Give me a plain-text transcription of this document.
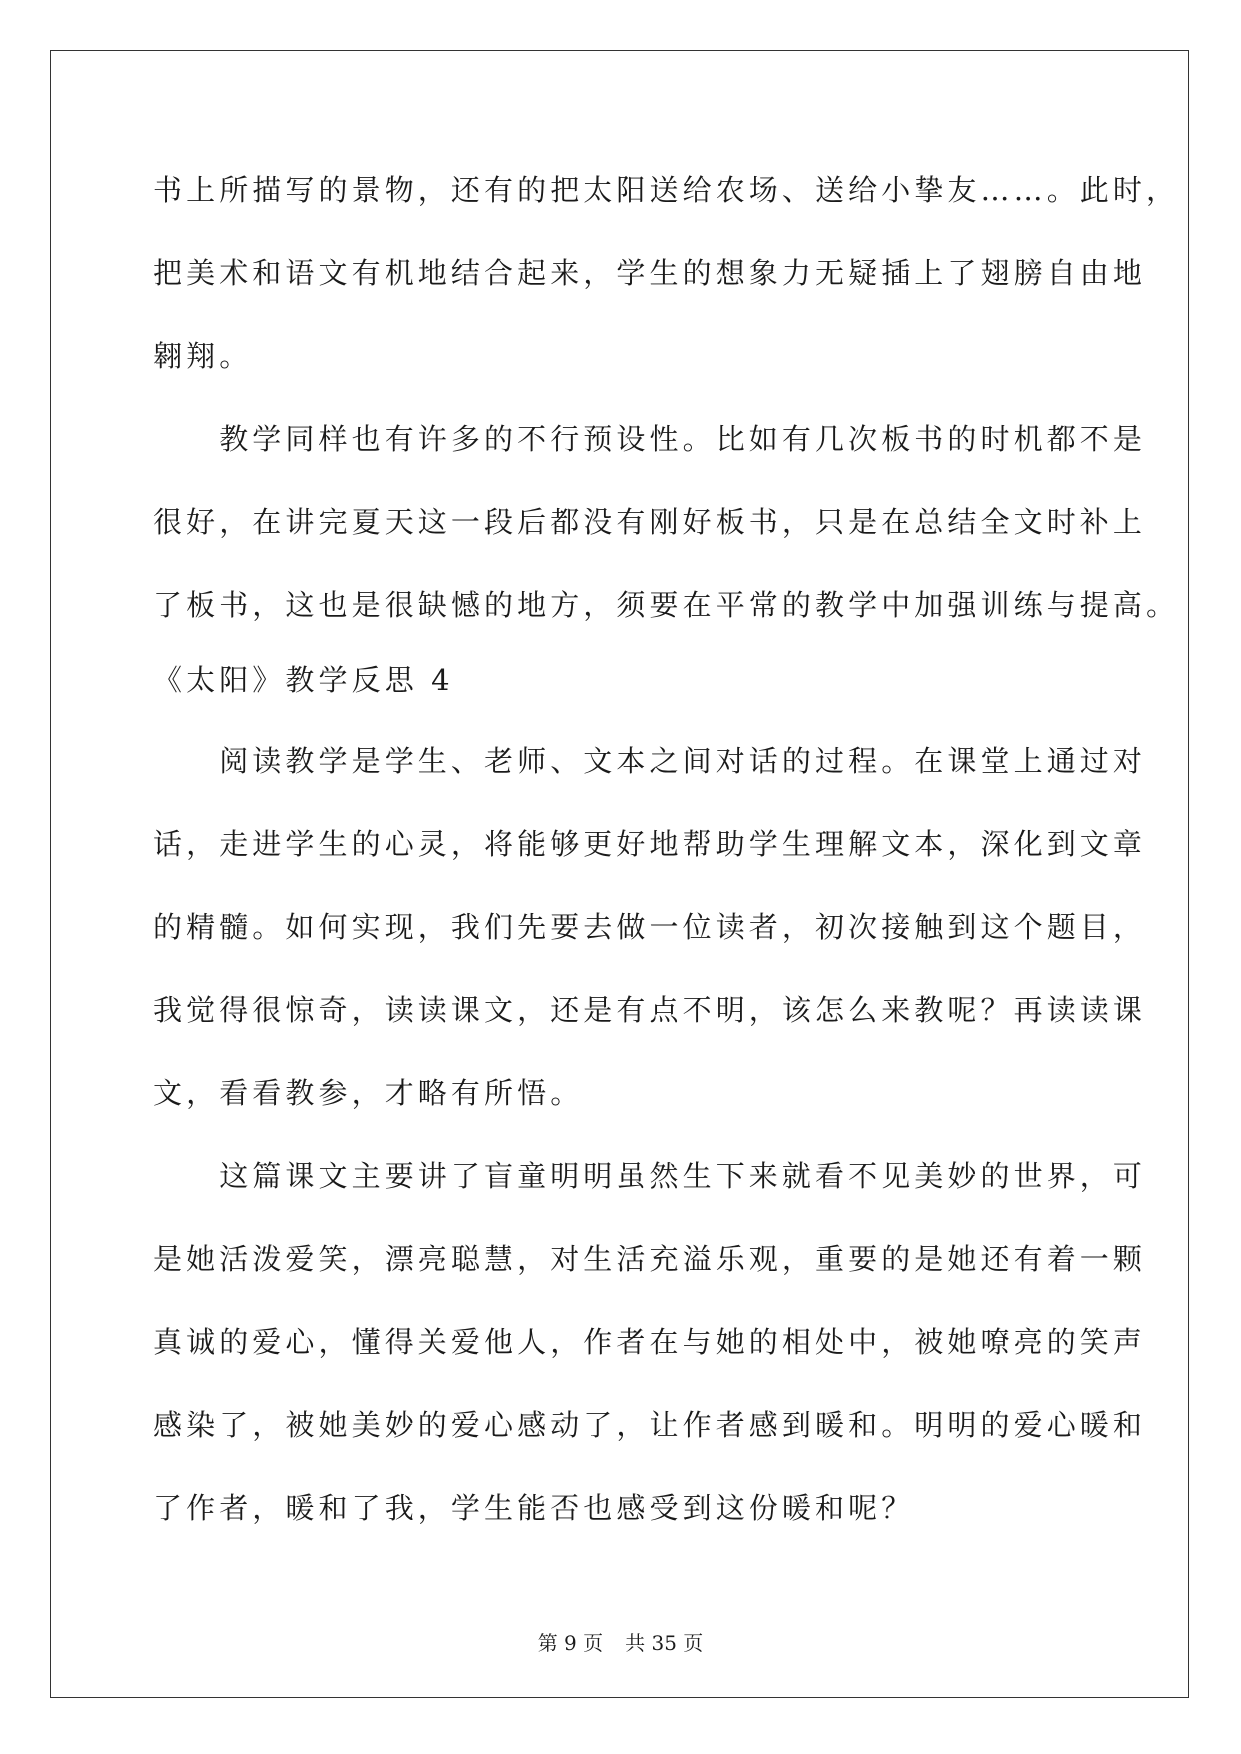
书上所描写的景物，还有的把太阳送给农场、送给小挚友……。此时，
把美术和语文有机地结合起来，学生的想象力无疑插上了翅膀自由地
翱翔。
　　教学同样也有许多的不行预设性。比如有几次板书的时机都不是
很好，在讲完夏天这一段后都没有刚好板书，只是在总结全文时补上
了板书，这也是很缺憾的地方，须要在平常的教学中加强训练与提高。
《太阳》教学反思 4
　　阅读教学是学生、老师、文本之间对话的过程。在课堂上通过对
话，走进学生的心灵，将能够更好地帮助学生理解文本，深化到文章
的精髓。如何实现，我们先要去做一位读者，初次接触到这个题目，
我觉得很惊奇，读读课文，还是有点不明，该怎么来教呢？再读读课
文，看看教参，才略有所悟。
　　这篇课文主要讲了盲童明明虽然生下来就看不见美妙的世界，可
是她活泼爱笑，漂亮聪慧，对生活充溢乐观，重要的是她还有着一颗
真诚的爱心，懂得关爱他人，作者在与她的相处中，被她嘹亮的笑声
感染了，被她美妙的爱心感动了，让作者感到暖和。明明的爱心暖和
了作者，暖和了我，学生能否也感受到这份暖和呢？
第 9 页 共 35 页
